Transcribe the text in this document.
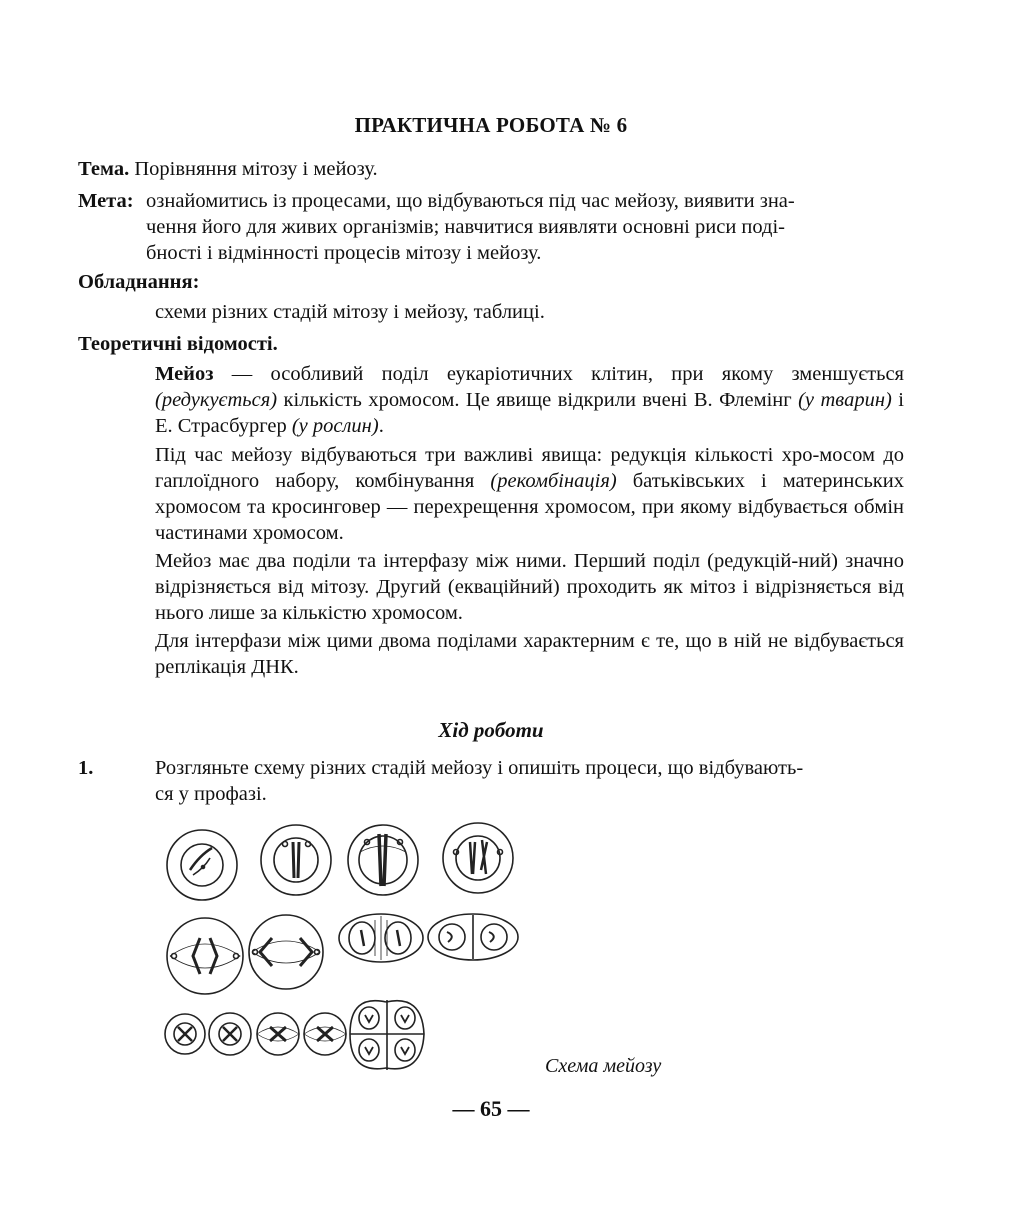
ПРАКТИЧНА РОБОТА № 6
Тема. Порівняння мітозу і мейозу.
Мета: ознайомитись із процесами, що відбуваються під час мейозу, виявити зна-
чення його для живих організмів; навчитися виявляти основні риси поді-
бності і відмінності процесів мітозу і мейозу.
Обладнання:
схеми різних стадій мітозу і мейозу, таблиці.
Теоретичні відомості.

Мейоз — особливий поділ еукаріотичних клітин, при якому зменшується (редукується) кількість хромосом. Це явище відкрили вчені В. Флемінг (у тварин) і Е. Страсбургер (у рослин).

Під час мейозу відбуваються три важливі явища: редукція кількості хро-мосом до гаплоїдного набору, комбінування (рекомбінація) батьківських і материнських хромосом та кросинговер — перехрещення хромосом, при якому відбувається обмін частинами хромосом.

Мейоз має два поділи та інтерфазу між ними. Перший поділ (редукцій-ний) значно відрізняється від мітозу. Другий (екваційний) проходить як мітоз і відрізняється від нього лише за кількістю хромосом.

Для інтерфази між цими двома поділами характерним є те, що в ній не відбувається реплікація ДНК.

Хід роботи
1.	Розгляньте схему різних стадій мейозу і опишіть процеси, що відбувають-
ся у профазі.
Схема мейозу
— 65 —
